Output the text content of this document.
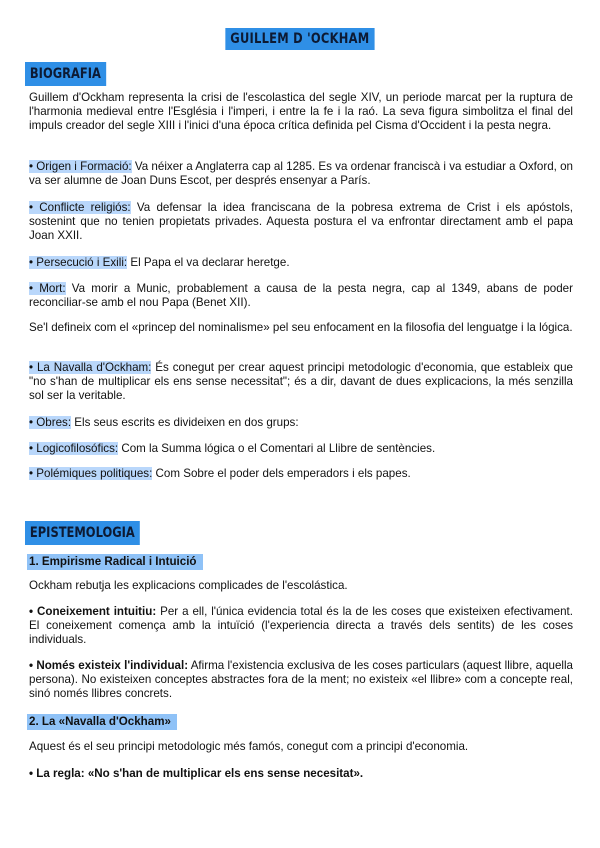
GUILLEM D 'OCKHAM
BIOGRAFIA

Guillem d'Ockham representa la crisi de l'escolastica del segle XIV, un periode marcat per la ruptura de l'harmonia medieval entre l'Església i l'imperi, i entre la fe i la raó. La seva figura simbolitza el final del impuls creador del segle XIII i l'inici d'una época crítica definida pel Cisma d'Occident i la pesta negra.

• Origen i Formació: Va néixer a Anglaterra cap al 1285. Es va ordenar franciscà i va estudiar a Oxford, on va ser alumne de Joan Duns Escot, per després ensenyar a París.

• Conflicte religiós: Va defensar la idea franciscana de la pobresa extrema de Crist i els apóstols, sostenint que no tenien propietats privades. Aquesta postura el va enfrontar directament amb el papa Joan XXII.

• Persecució i Exili: El Papa el va declarar heretge.

• Mort: Va morir a Munic, probablement a causa de la pesta negra, cap al 1349, abans de poder reconciliar-se amb el nou Papa (Benet XII).

Se'l defineix com el «princep del nominalisme» pel seu enfocament en la filosofia del lenguatge i la lógica.

• La Navalla d'Ockham: És conegut per crear aquest principi metodologic d'economia, que estableix que "no s'han de multiplicar els ens sense necessitat"; és a dir, davant de dues explicacions, la més senzilla sol ser la veritable.

• Obres: Els seus escrits es divideixen en dos grups:

• Logicofilosófics: Com la Summa lógica o el Comentari al Llibre de sentències.

• Polémiques politiques: Com Sobre el poder dels emperadors i els papes.

EPISTEMOLOGIA
1. Empirisme Radical i Intuició

Ockham rebutja les explicacions complicades de l'escolástica.

• Coneixement intuitiu: Per a ell, l'única evidencia total és la de les coses que existeixen efectivament. El coneixement comença amb la intuïció (l'experiencia directa a través dels sentits) de les coses individuals.

• Només existeix l'individual: Afirma l'existencia exclusiva de les coses particulars (aquest llibre, aquella persona). No existeixen conceptes abstractes fora de la ment; no existeix «el llibre» com a concepte real, sinó només llibres concrets.

2. La «Navalla d'Ockham»

Aquest és el seu principi metodologic més famós, conegut com a principi d'economia.

• La regla: «No s'han de multiplicar els ens sense necesitat».
